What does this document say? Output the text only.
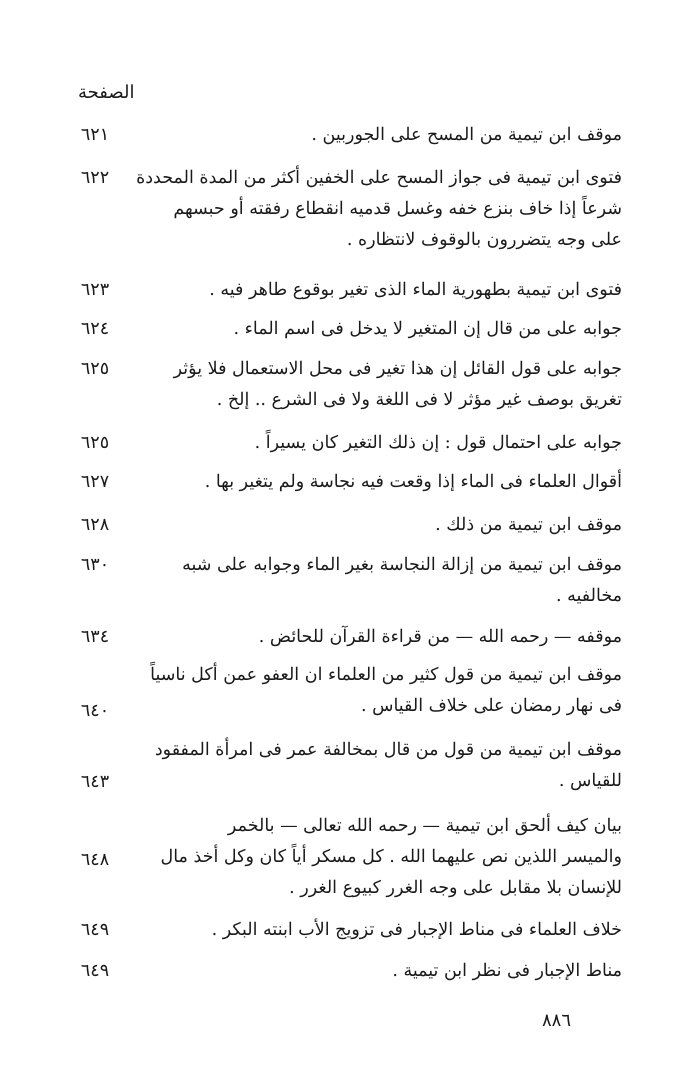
الصفحة
موقف ابن تيمية من المسح على الجوربين .
٦٢١
فتوى ابن تيمية فى جواز المسح على الخفين أكثر من المدة المحددة
شرعاً إذا خاف بنزع خفه وغسل قدميه انقطاع رفقته أو حبسهم
على وجه يتضررون بالوقوف لانتظاره .
٦٢٢
فتوى ابن تيمية بطهورية الماء الذى تغير بوقوع طاهر فيه .
٦٢٣
جوابه على من قال إن المتغير لا يدخل فى اسم الماء .
٦٢٤
جوابه على قول القائل إن هذا تغير فى محل الاستعمال فلا يؤثر
تغريق بوصف غير مؤثر لا فى اللغة ولا فى الشرع .. إلخ .
٦٢٥
جوابه على احتمال قول : إن ذلك التغير كان يسيراً .
٦٢٥
أقوال العلماء فى الماء إذا وقعت فيه نجاسة ولم يتغير بها .
٦٢٧
موقف ابن تيمية من ذلك .
٦٢٨
موقف ابن تيمية من إزالة النجاسة بغير الماء وجوابه على شبه
مخالفيه .
٦٣٠
موقفه — رحمه الله — من قراءة القرآن للحائض .
٦٣٤
موقف ابن تيمية من قول كثير من العلماء ان العفو عمن أكل ناسياً
فى نهار رمضان على خلاف القياس .
٦٤٠
موقف ابن تيمية من قول من قال بمخالفة عمر فى امرأة المفقود
للقياس .
٦٤٣
بيان كيف ألحق ابن تيمية — رحمه الله تعالى — بالخمر
والميسر اللذين نص عليهما الله . كل مسكر أياً كان وكل أخذ مال
للإنسان بلا مقابل على وجه الغرر كبيوع الغرر .
٦٤٨
خلاف العلماء فى مناط الإجبار فى تزويج الأب ابنته البكر .
٦٤٩
مناط الإجبار فى نظر ابن تيمية .
٦٤٩
٨٨٦
